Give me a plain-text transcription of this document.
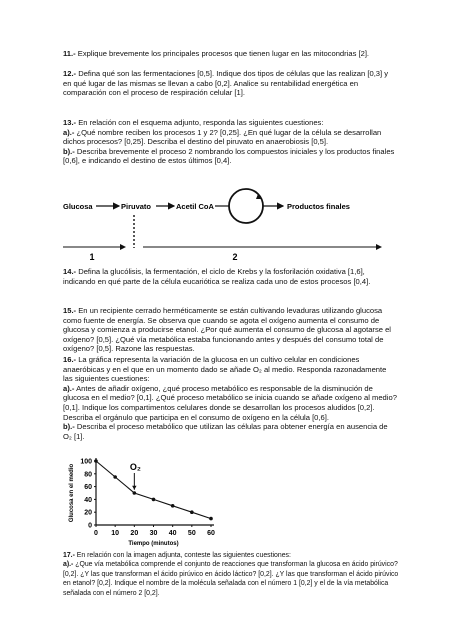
11.- Explique brevemente los principales procesos que tienen lugar en las mitocondrias [2].

12.- Defina qué son las fermentaciones [0,5]. Indique dos tipos de células que las realizan [0,3] y en qué lugar de las mismas se llevan a cabo [0,2]. Analice su rentabilidad energética en comparación con el proceso de respiración celular [1].

13.- En relación con el esquema adjunto, responda las siguientes cuestiones:
a).- ¿Qué nombre reciben los procesos 1 y 2? [0,25]. ¿En qué lugar de la célula se desarrollan dichos procesos? [0,25]. Describa el destino del piruvato en anaerobiosis [0,5].
b).- Describa brevemente el proceso 2 nombrando los compuestos iniciales y los productos finales [0,6], e indicando el destino de estos últimos [0,4].

Glucosa	Piruvato	Acetil CoA	Productos finales
1	2

14.- Defina la glucólisis, la fermentación, el ciclo de Krebs y la fosforilación oxidativa [1,6], indicando en qué parte de la célula eucariótica se realiza cada uno de estos procesos [0,4].

15.- En un recipiente cerrado herméticamente se están cultivando levaduras utilizando glucosa como fuente de energía. Se observa que cuando se agota el oxígeno aumenta el consumo de glucosa y comienza a producirse etanol. ¿Por qué aumenta el consumo de glucosa al agotarse el oxígeno? [0,5]. ¿Qué vía metabólica estaba funcionando antes y después del consumo total de oxígeno? [0,5]. Razone las respuestas.

16.- La gráfica representa la variación de la glucosa en un cultivo celular en condiciones anaeróbicas y en el que en un momento dado se añade O₂ al medio. Responda razonadamente las siguientes cuestiones:
a).- Antes de añadir oxígeno, ¿qué proceso metabólico es responsable de la disminución de glucosa en el medio? [0,1]. ¿Qué proceso metabólico se inicia cuando se añade oxígeno al medio? [0,1]. Indique los compartimentos celulares donde se desarrollan los procesos aludidos [0,2]. Describa el orgánulo que participa en el consumo de oxígeno en la célula [0,6].
b).- Describa el proceso metabólico que utilizan las células para obtener energía en ausencia de O₂ [1].

0
20
40
60
80
100
0 10 20 30 40 50 60
Tiempo (minutos)
Glucosa en el medio	O₂

17.- En relación con la imagen adjunta, conteste las siguientes cuestiones:
a).- ¿Que vía metabólica comprende el conjunto de reacciones que transforman la glucosa en ácido pirúvico? [0,2]. ¿Y las que transforman el ácido pirúvico en ácido láctico? [0,2]. ¿Y las que transforman el ácido pirúvico en etanol? [0,2]. Indique el nombre de la molécula señalada con el número 1 [0,2] y el de la vía metabólica señalada con el número 2 [0,2].
